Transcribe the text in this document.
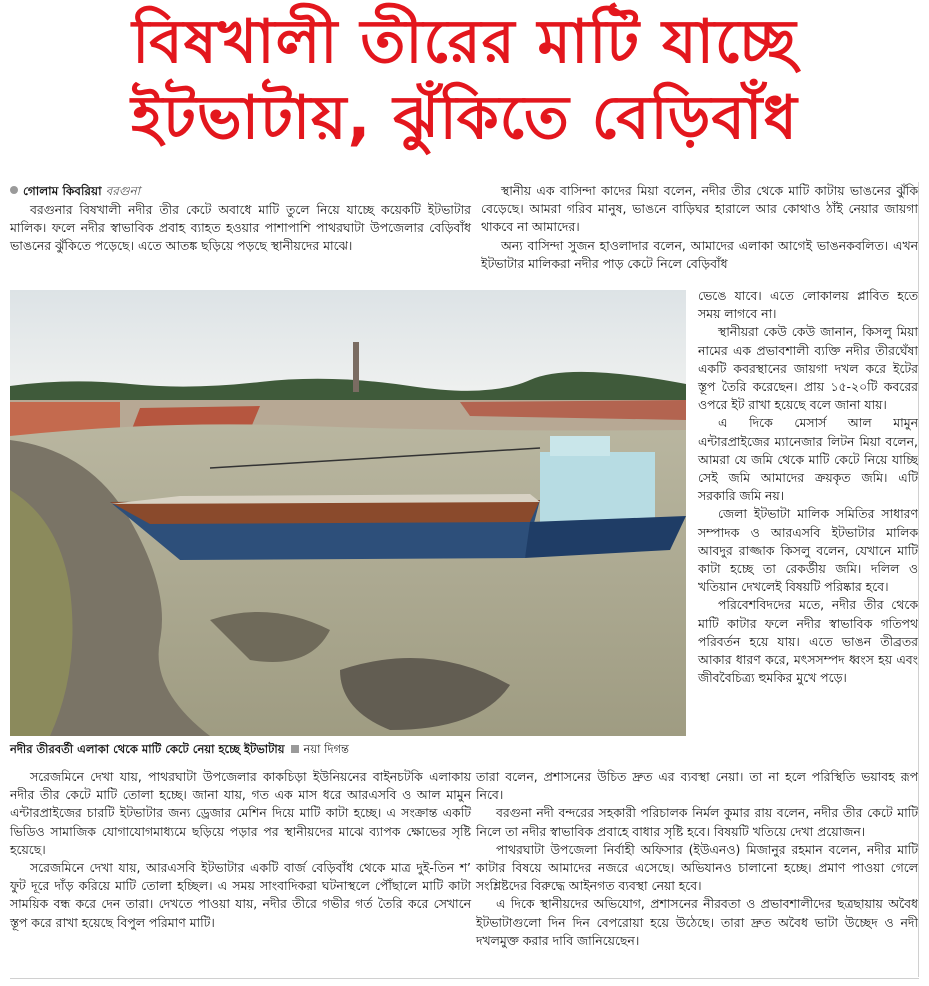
বিষখালী তীরের মাটি যাচ্ছে
ইটভাটায়, ঝুঁকিতে বেড়িবাঁধ
গোলাম কিবরিয়া বরগুনা

বরগুনার বিষখালী নদীর তীর কেটে অবাধে মাটি তুলে নিয়ে যাচ্ছে কয়েকটি ইটভাটার মালিক। ফলে নদীর স্বাভাবিক প্রবাহ ব্যাহত হওয়ার পাশাপাশি পাথরঘাটা উপজেলার বেড়িবাঁধ ভাঙনের ঝুঁকিতে পড়েছে। এতে আতঙ্ক ছড়িয়ে পড়ছে স্থানীয়দের মাঝে।

স্থানীয় এক বাসিন্দা কাদের মিয়া বলেন, নদীর তীর থেকে মাটি কাটায় ভাঙনের ঝুঁকি বেড়েছে। আমরা গরিব মানুষ, ভাঙনে বাড়িঘর হারালে আর কোথাও ঠাঁই নেয়ার জায়গা থাকবে না আমাদের।

অন্য বাসিন্দা সুজন হাওলাদার বলেন, আমাদের এলাকা আগেই ভাঙনকবলিত। এখন ইটভাটার মালিকরা নদীর পাড় কেটে নিলে বেড়িবাঁধ

নদীর তীরবর্তী এলাকা থেকে মাটি কেটে নেয়া হচ্ছে ইটভাটায় নয়া দিগন্ত

ভেঙে যাবে। এতে লোকালয় প্লাবিত হতে সময় লাগবে না।

স্থানীয়রা কেউ কেউ জানান, কিসলু মিয়া নামের এক প্রভাবশালী ব্যক্তি নদীর তীরঘেঁষা একটি কবরস্থানের জায়গা দখল করে ইটের স্তূপ তৈরি করেছেন। প্রায় ১৫-২০টি কবরের ওপরে ইট রাখা হয়েছে বলে জানা যায়।

এ দিকে মেসার্স আল মামুন এন্টারপ্রাইজের ম্যানেজার লিটন মিয়া বলেন, আমরা যে জমি থেকে মাটি কেটে নিয়ে যাচ্ছি সেই জমি আমাদের ক্রয়কৃত জমি। এটি সরকারি জমি নয়।

জেলা ইটভাটা মালিক সমিতির সাধারণ সম্পাদক ও আরএসবি ইটভাটার মালিক আবদুর রাজ্জাক কিসলু বলেন, যেখানে মাটি কাটা হচ্ছে তা রেকর্ডীয় জমি। দলিল ও খতিয়ান দেখলেই বিষয়টি পরিষ্কার হবে।

পরিবেশবিদদের মতে, নদীর তীর থেকে মাটি কাটার ফলে নদীর স্বাভাবিক গতিপথ পরিবর্তন হয়ে যায়। এতে ভাঙন তীব্রতর আকার ধারণ করে, মৎসসম্পদ ধ্বংস হয় এবং জীববৈচিত্র্য হুমকির মুখে পড়ে।

সরেজমিনে দেখা যায়, পাথরঘাটা উপজেলার কাকচিড়া ইউনিয়নের বাইনচটকি এলাকায় নদীর তীর কেটে মাটি তোলা হচ্ছে। জানা যায়, গত এক মাস ধরে আরএসবি ও আল মামুন এন্টারপ্রাইজের চারটি ইটভাটার জন্য ড্রেজার মেশিন দিয়ে মাটি কাটা হচ্ছে। এ সংক্রান্ত একটি ভিডিও সামাজিক যোগাযোগমাধ্যমে ছড়িয়ে পড়ার পর স্থানীয়দের মাঝে ব্যাপক ক্ষোভের সৃষ্টি হয়েছে।

সরেজমিনে দেখা যায়, আরএসবি ইটভাটার একটি বার্জ বেড়িবাঁধ থেকে মাত্র দুই-তিন শ’ ফুট দূরে দাঁড় করিয়ে মাটি তোলা হচ্ছিল। এ সময় সাংবাদিকরা ঘটনাস্থলে পৌঁছালে মাটি কাটা সাময়িক বন্ধ করে দেন তারা। দেখতে পাওয়া যায়, নদীর তীরে গভীর গর্ত তৈরি করে সেখানে স্তূপ করে রাখা হয়েছে বিপুল পরিমাণ মাটি।

তারা বলেন, প্রশাসনের উচিত দ্রুত এর ব্যবস্থা নেয়া। তা না হলে পরিস্থিতি ভয়াবহ রূপ নিবে।

বরগুনা নদী বন্দরের সহকারী পরিচালক নির্মল কুমার রায় বলেন, নদীর তীর কেটে মাটি নিলে তা নদীর স্বাভাবিক প্রবাহে বাধার সৃষ্টি হবে। বিষয়টি খতিয়ে দেখা প্রয়োজন।

পাথরঘাটা উপজেলা নির্বাহী অফিসার (ইউএনও) মিজানুর রহমান বলেন, নদীর মাটি কাটার বিষয়ে আমাদের নজরে এসেছে। অভিযানও চালানো হচ্ছে। প্রমাণ পাওয়া গেলে সংশ্লিষ্টদের বিরুদ্ধে আইনগত ব্যবস্থা নেয়া হবে।

এ দিকে স্থানীয়দের অভিযোগ, প্রশাসনের নীরবতা ও প্রভাবশালীদের ছত্রছায়ায় অবৈধ ইটভাটাগুলো দিন দিন বেপরোয়া হয়ে উঠেছে। তারা দ্রুত অবৈধ ভাটা উচ্ছেদ ও নদী দখলমুক্ত করার দাবি জানিয়েছেন।
